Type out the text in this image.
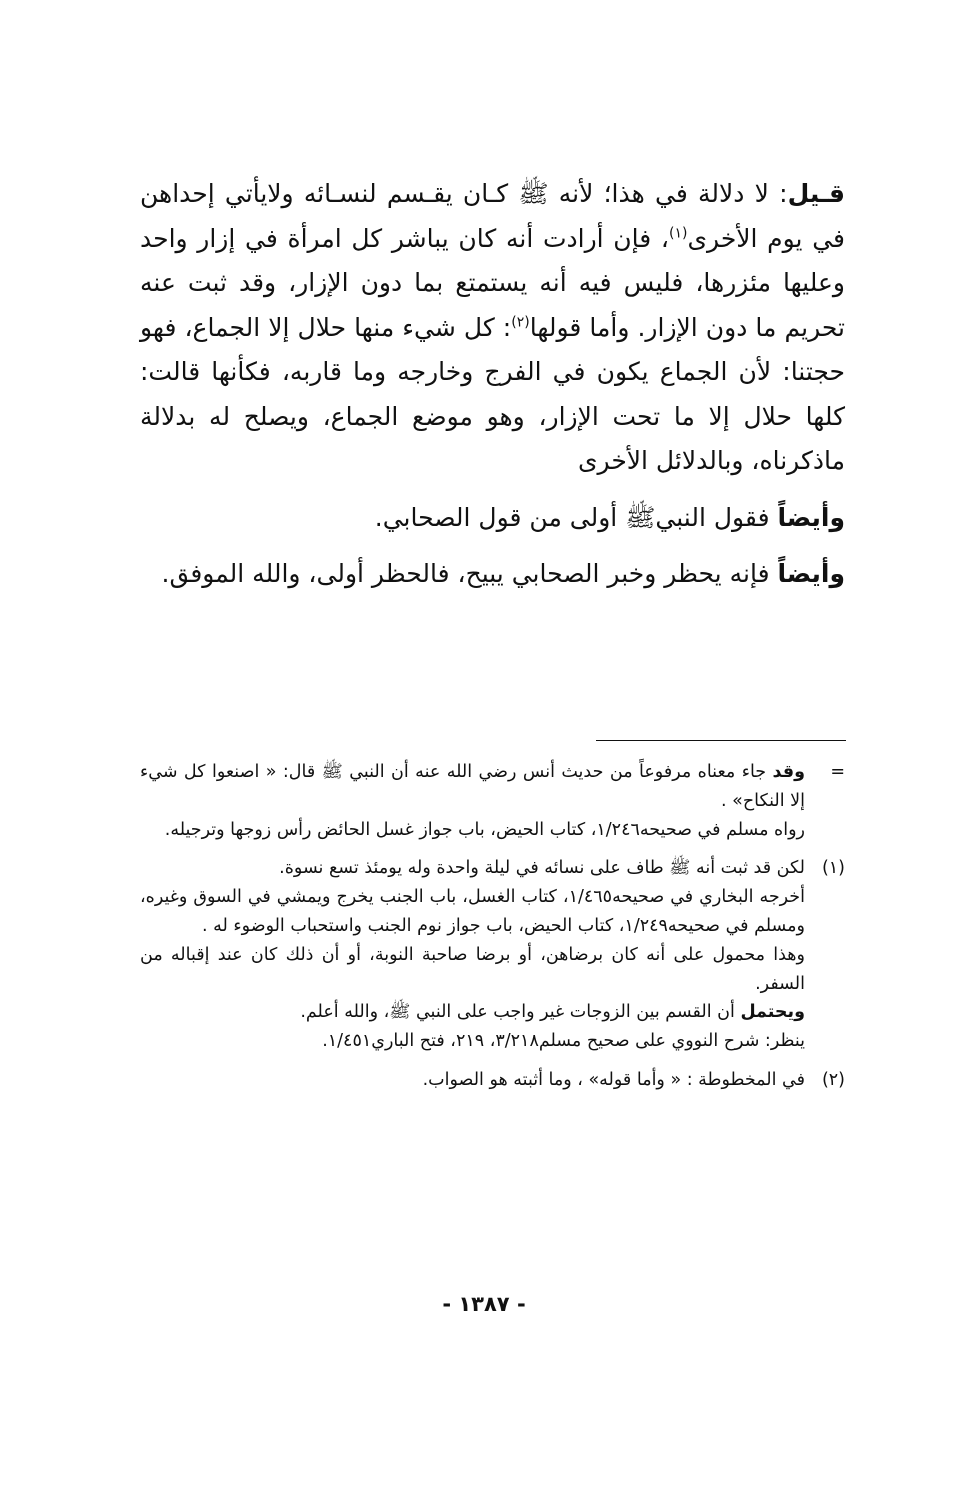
قـيل: لا دلالة في هذا؛ لأنه ﷺ كـان يقـسم لنسـائه ولايأتي إحداهن في يوم الأخرى$^{(١)}$، فإن أرادت أنه كان يباشر كل امرأة في إزار واحد وعليها مئزرها، فليس فيه أنه يستمتع بما دون الإزار، وقد ثبت عنه تحريم ما دون الإزار. وأما قولها$^{(٢)}$: كل شيء منها حلال إلا الجماع، فهو حجتنا: لأن الجماع يكون في الفرج وخارجه وما قاربه، فكأنها قالت: كلها حلال إلا ما تحت الإزار، وهو موضع الجماع، ويصلح له بدلالة ماذكرناه، وبالدلائل الأخرى

وأيضاً فقول النبيﷺ أولى من قول الصحابي.

وأيضاً فإنه يحظر وخبر الصحابي يبيح، فالحظر أولى، والله الموفق.

=

وقد جاء معناه مرفوعاً من حديث أنس رضي الله عنه أن النبي ﷺ قال: « اصنعوا كل شيء إلا النكاح» .

رواه مسلم في صحيحه١/٢٤٦، كتاب الحيض، باب جواز غسل الحائض رأس زوجها وترجيله.

(١)

لكن قد ثبت أنه ﷺ طاف على نسائه في ليلة واحدة وله يومئذ تسع نسوة.

أخرجه البخاري في صحيحه١/٤٦٥، كتاب الغسل، باب الجنب يخرج ويمشي في السوق وغيره، ومسلم في صحيحه١/٢٤٩، كتاب الحيض، باب جواز نوم الجنب واستحباب الوضوء له .

وهذا محمول على أنه كان برضاهن، أو برضا صاحبة النوبة، أو أن ذلك كان عند إقباله من السفر.

ويحتمل أن القسم بين الزوجات غير واجب على النبي ﷺ، والله أعلم.

ينظر: شرح النووي على صحيح مسلم٣/٢١٨، ٢١٩، فتح الباري١/٤٥١.

(٢)

في المخطوطة : « وأما قوله» ، وما أثبته هو الصواب.

- ١٣٨٧ -
